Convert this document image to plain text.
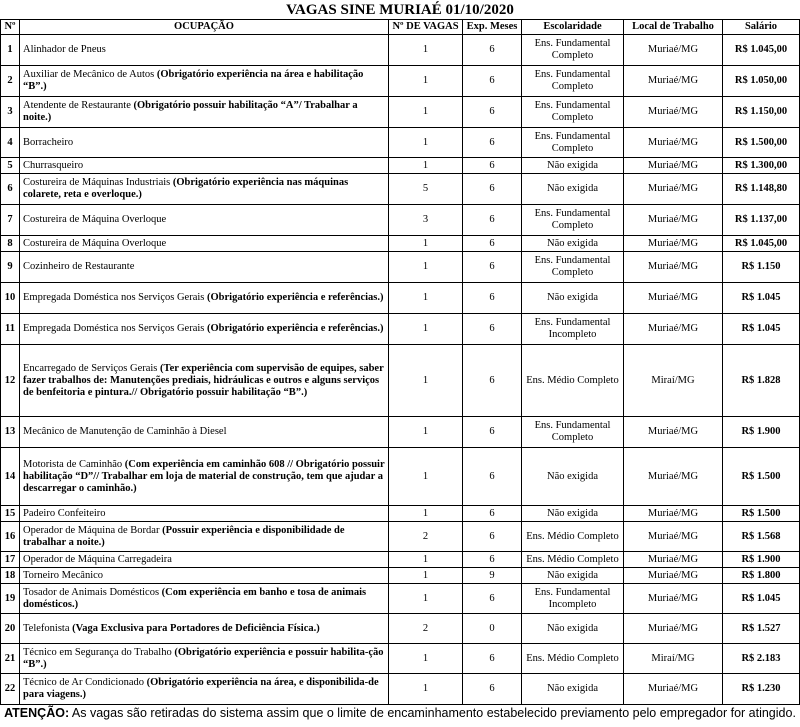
VAGAS SINE MURIAÉ 01/10/2020
Nº	OCUPAÇÃO	Nº DE VAGAS	Exp. Meses	Escolaridade	Local de Trabalho	Salário
1	Alinhador de Pneus	1	6	Ens. Fundamental Completo	Muriaé/MG	R$ 1.045,00
2	Auxiliar de Mecânico de Autos (Obrigatório experiência na área e habilitação “B”.)	1	6	Ens. Fundamental Completo	Muriaé/MG	R$ 1.050,00
3	Atendente de Restaurante (Obrigatório possuir habilitação “A”/ Trabalhar a noite.)	1	6	Ens. Fundamental Completo	Muriaé/MG	R$ 1.150,00
4	Borracheiro	1	6	Ens. Fundamental Completo	Muriaé/MG	R$ 1.500,00
5	Churrasqueiro	1	6	Não exigida	Muriaé/MG	R$ 1.300,00
6	Costureira de Máquinas Industriais (Obrigatório experiência nas máquinas colarete, reta e overloque.)	5	6	Não exigida	Muriaé/MG	R$ 1.148,80
7	Costureira de Máquina Overloque	3	6	Ens. Fundamental Completo	Muriaé/MG	R$ 1.137,00
8	Costureira de Máquina Overloque	1	6	Não exigida	Muriaé/MG	R$ 1.045,00
9	Cozinheiro de Restaurante	1	6	Ens. Fundamental Completo	Muriaé/MG	R$ 1.150
10	Empregada Doméstica nos Serviços Gerais (Obrigatório experiência e referências.)	1	6	Não exigida	Muriaé/MG	R$ 1.045
11	Empregada Doméstica nos Serviços Gerais (Obrigatório experiência e referências.)	1	6	Ens. Fundamental Incompleto	Muriaé/MG	R$ 1.045
12	Encarregado de Serviços Gerais (Ter experiência com supervisão de equipes, saber fazer trabalhos de: Manutenções prediais, hidráulicas e outros e alguns serviços de benfeitoria e pintura.// Obrigatório possuir habilitação “B”.)	1	6	Ens. Médio Completo	Miraí/MG	R$ 1.828
13	Mecânico de Manutenção de Caminhão à Diesel	1	6	Ens. Fundamental Completo	Muriaé/MG	R$ 1.900
14	Motorista de Caminhão (Com experiência em caminhão 608 // Obrigatório possuir habilitação “D”// Trabalhar em loja de material de construção, tem que ajudar a descarregar o caminhão.)	1	6	Não exigida	Muriaé/MG	R$ 1.500
15	Padeiro Confeiteiro	1	6	Não exigida	Muriaé/MG	R$ 1.500
16	Operador de Máquina de Bordar (Possuir experiência e disponibilidade de trabalhar a noite.)	2	6	Ens. Médio Completo	Muriaé/MG	R$ 1.568
17	Operador de Máquina Carregadeira	1	6	Ens. Médio Completo	Muriaé/MG	R$ 1.900
18	Torneiro Mecânico	1	9	Não exigida	Muriaé/MG	R$ 1.800
19	Tosador de Animais Domésticos (Com experiência em banho e tosa de animais domésticos.)	1	6	Ens. Fundamental Incompleto	Muriaé/MG	R$ 1.045
20	Telefonista (Vaga Exclusiva para Portadores de Deficiência Física.)	2	0	Não exigida	Muriaé/MG	R$ 1.527
21	Técnico em Segurança do Trabalho (Obrigatório experiência e possuir habilita-ção “B”.)	1	6	Ens. Médio Completo	Miraí/MG	R$ 2.183
22	Técnico de Ar Condicionado (Obrigatório experiência na área, e disponibilida-de para viagens.)	1	6	Não exigida	Muriaé/MG	R$ 1.230
ATENÇÃO: As vagas são retiradas do sistema assim que o limite de encaminhamento estabelecido previamento pelo empregador for atingido.
